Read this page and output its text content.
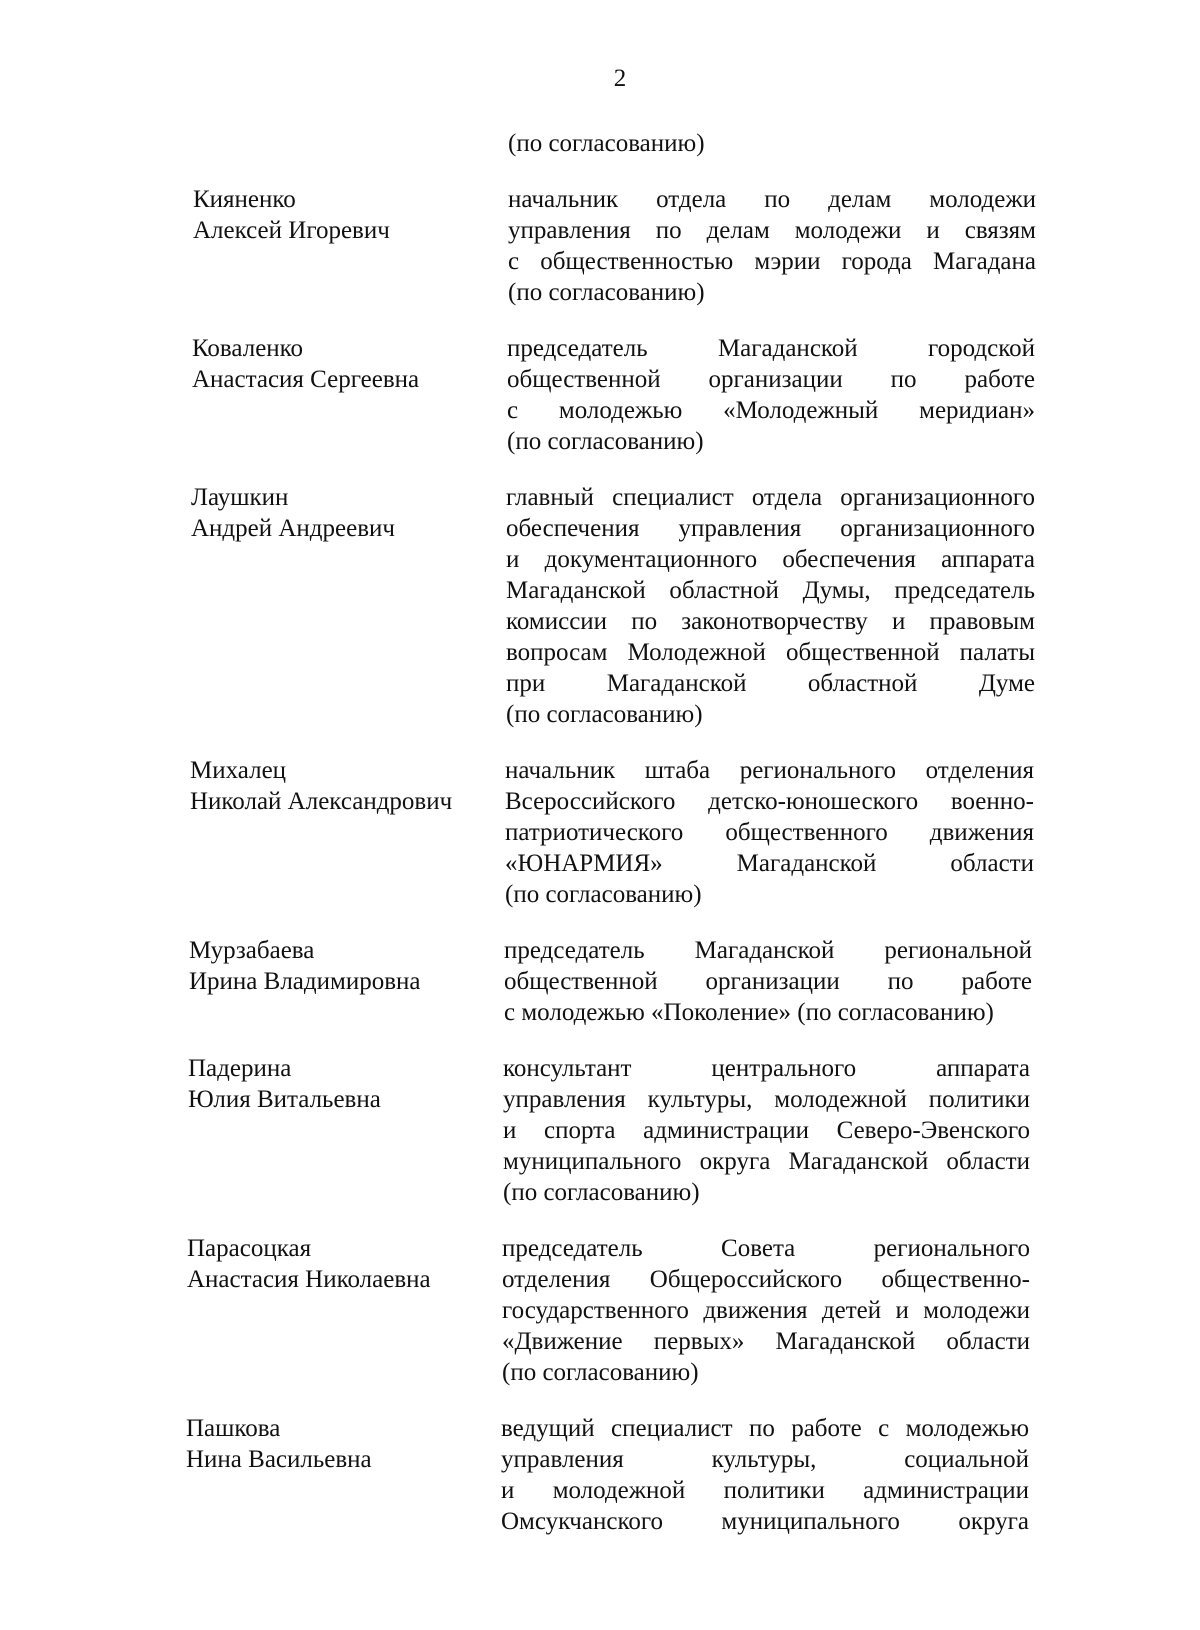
2
(по согласованию)
Кияненко
Алексей Игоревич
начальник отдела по делам молодежи
управления по делам молодежи и связям
с общественностью мэрии города Магадана
(по согласованию)
Коваленко
Анастасия Сергеевна
председатель Магаданской городской
общественной организации по работе
с молодежью «Молодежный меридиан»
(по согласованию)
Лаушкин
Андрей Андреевич
главный специалист отдела организационного
обеспечения управления организационного
и документационного обеспечения аппарата
Магаданской областной Думы, председатель
комиссии по законотворчеству и правовым
вопросам Молодежной общественной палаты
при Магаданской областной Думе
(по согласованию)
Михалец
Николай Александрович
начальник штаба регионального отделения
Всероссийского детско-юношеского военно-
патриотического общественного движения
«ЮНАРМИЯ» Магаданской области
(по согласованию)
Мурзабаева
Ирина Владимировна
председатель Магаданской региональной
общественной организации по работе
с молодежью «Поколение» (по согласованию)
Падерина
Юлия Витальевна
консультант центрального аппарата
управления культуры, молодежной политики
и спорта администрации Северо-Эвенского
муниципального округа Магаданской области
(по согласованию)
Парасоцкая
Анастасия Николаевна
председатель Совета регионального
отделения Общероссийского общественно-
государственного движения детей и молодежи
«Движение первых» Магаданской области
(по согласованию)
Пашкова
Нина Васильевна
ведущий специалист по работе с молодежью
управления культуры, социальной
и молодежной политики администрации
Омсукчанского муниципального округа
